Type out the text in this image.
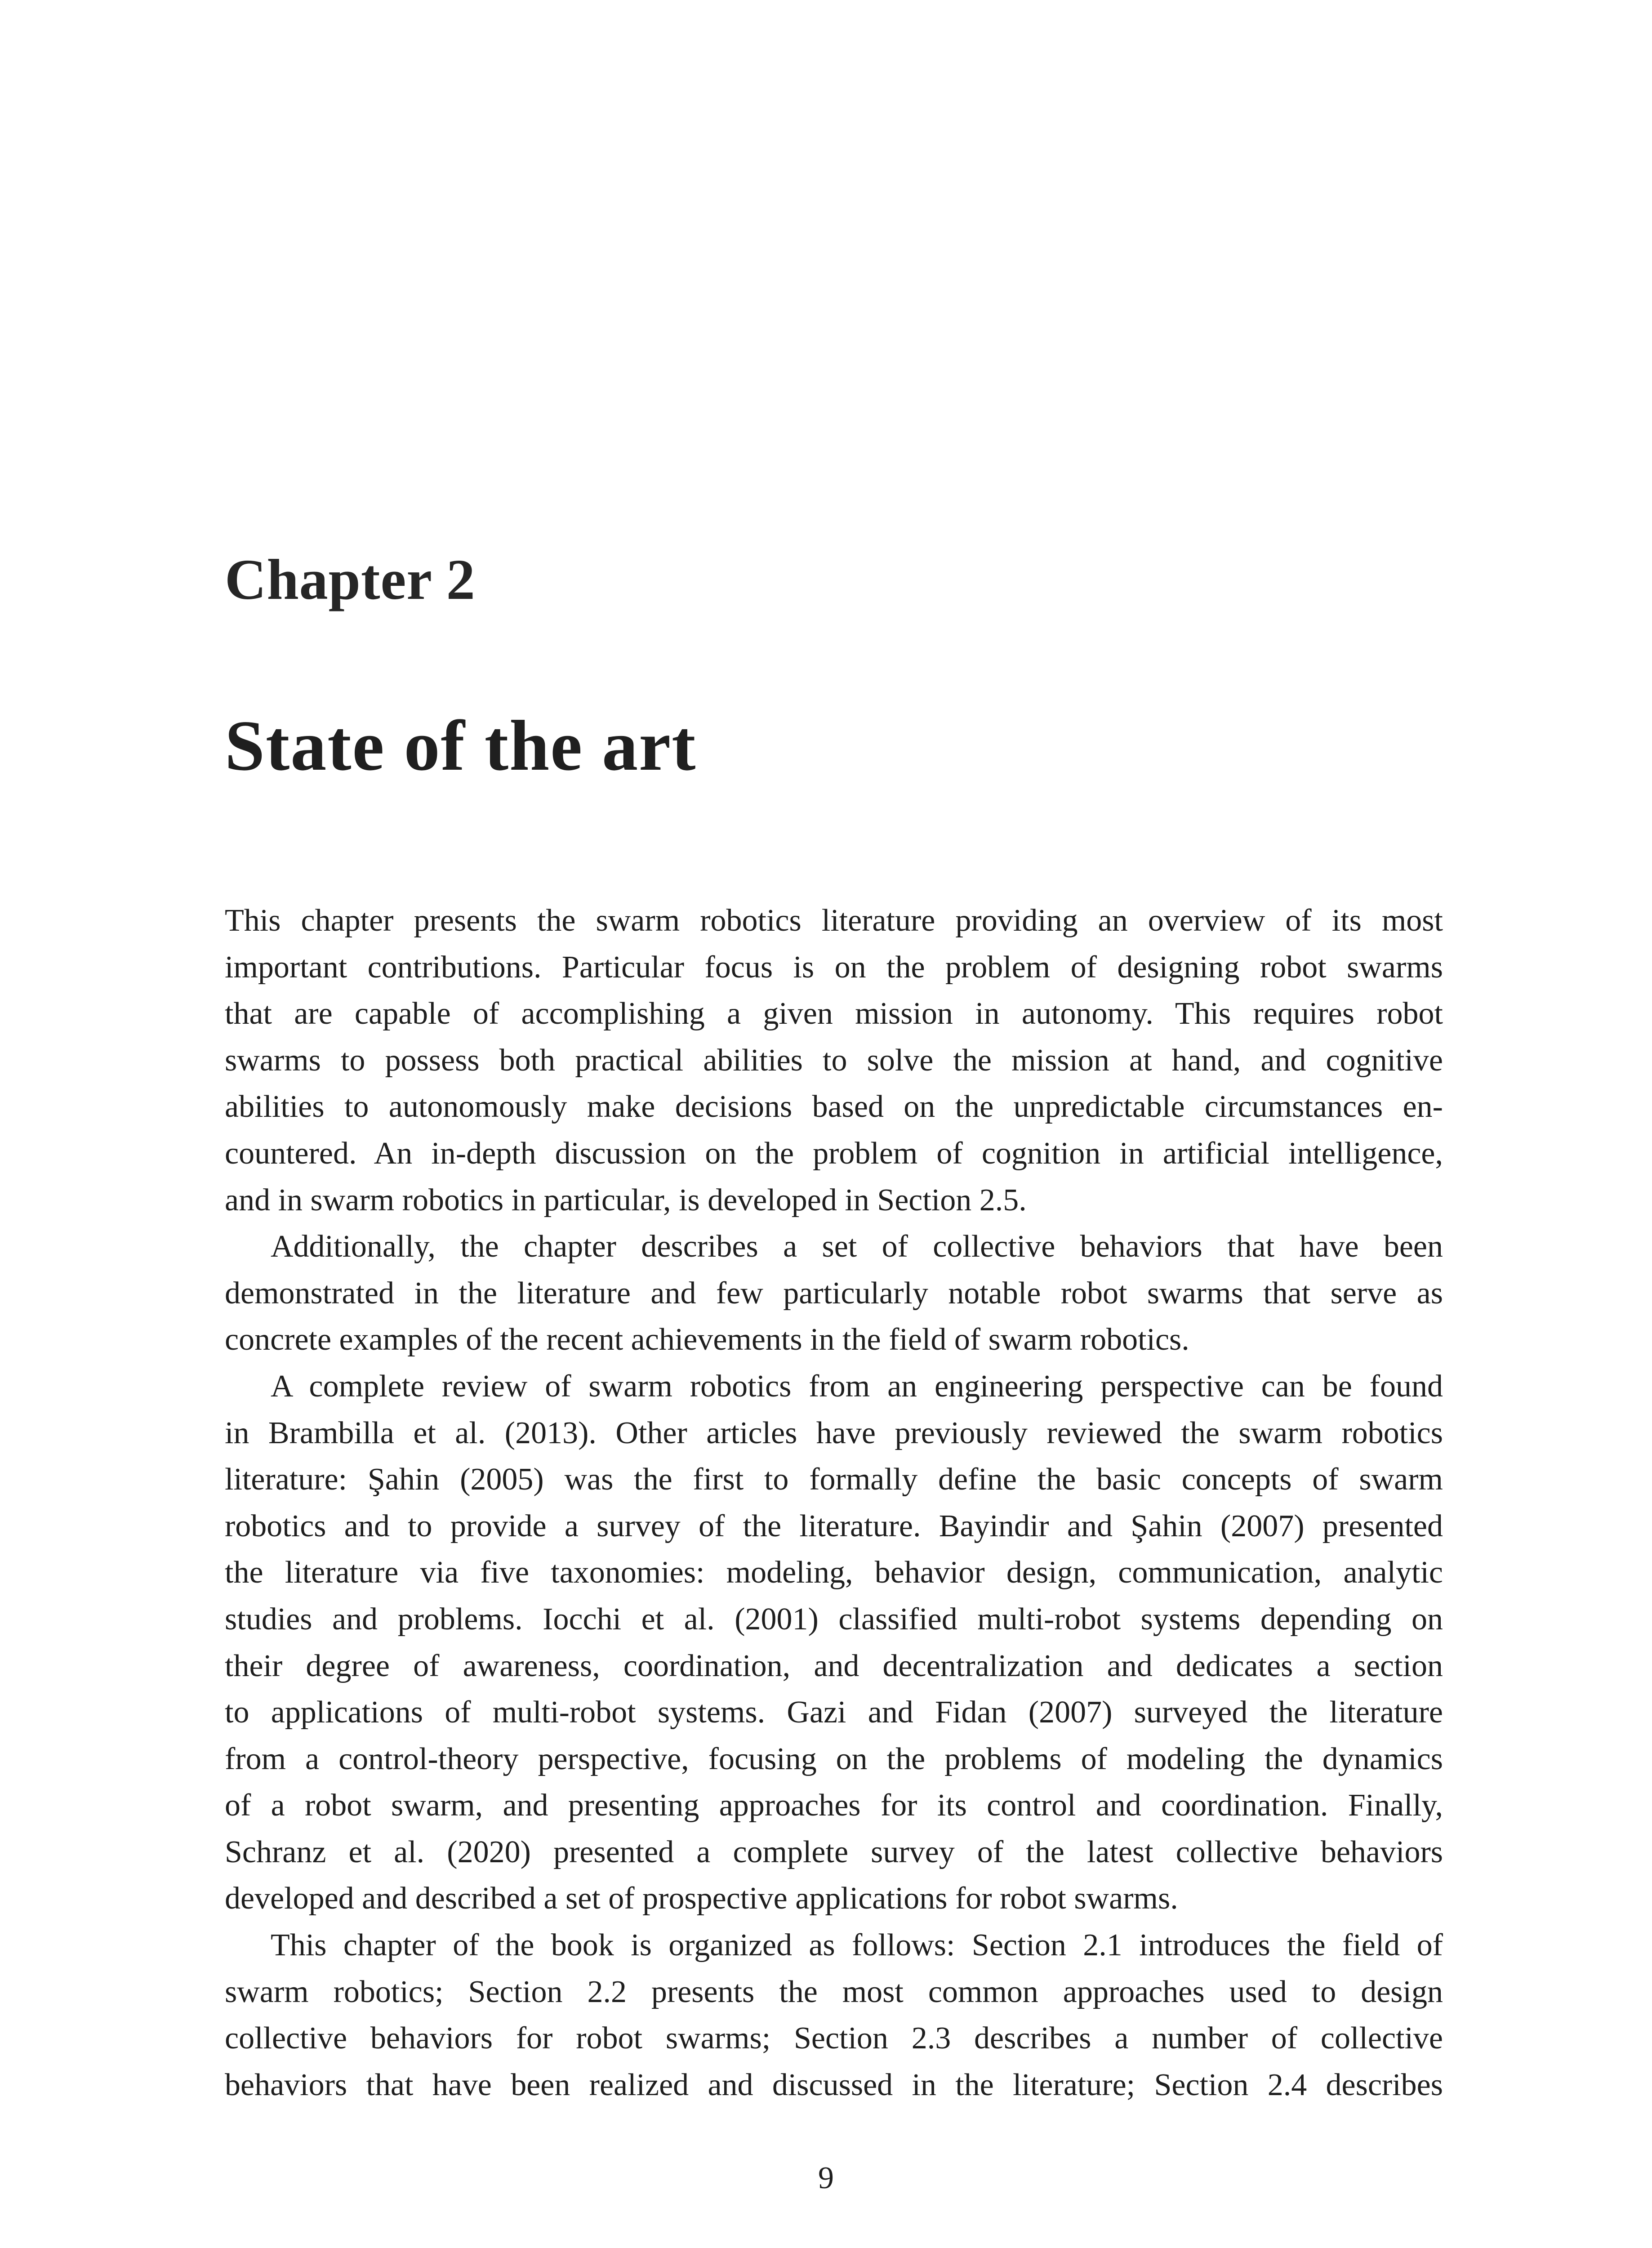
Chapter 2
State of the art
This chapter presents the swarm robotics literature providing an overview of its most
important contributions. Particular focus is on the problem of designing robot swarms
that are capable of accomplishing a given mission in autonomy. This requires robot
swarms to possess both practical abilities to solve the mission at hand, and cognitive
abilities to autonomously make decisions based on the unpredictable circumstances en-
countered. An in-depth discussion on the problem of cognition in artificial intelligence,
and in swarm robotics in particular, is developed in Section 2.5.
Additionally, the chapter describes a set of collective behaviors that have been
demonstrated in the literature and few particularly notable robot swarms that serve as
concrete examples of the recent achievements in the field of swarm robotics.
A complete review of swarm robotics from an engineering perspective can be found
in Brambilla et al. (2013). Other articles have previously reviewed the swarm robotics
literature: Şahin (2005) was the first to formally define the basic concepts of swarm
robotics and to provide a survey of the literature. Bayindir and Şahin (2007) presented
the literature via five taxonomies: modeling, behavior design, communication, analytic
studies and problems. Iocchi et al. (2001) classified multi-robot systems depending on
their degree of awareness, coordination, and decentralization and dedicates a section
to applications of multi-robot systems. Gazi and Fidan (2007) surveyed the literature
from a control-theory perspective, focusing on the problems of modeling the dynamics
of a robot swarm, and presenting approaches for its control and coordination. Finally,
Schranz et al. (2020) presented a complete survey of the latest collective behaviors
developed and described a set of prospective applications for robot swarms.
This chapter of the book is organized as follows: Section 2.1 introduces the field of
swarm robotics; Section 2.2 presents the most common approaches used to design
collective behaviors for robot swarms; Section 2.3 describes a number of collective
behaviors that have been realized and discussed in the literature; Section 2.4 describes
9
